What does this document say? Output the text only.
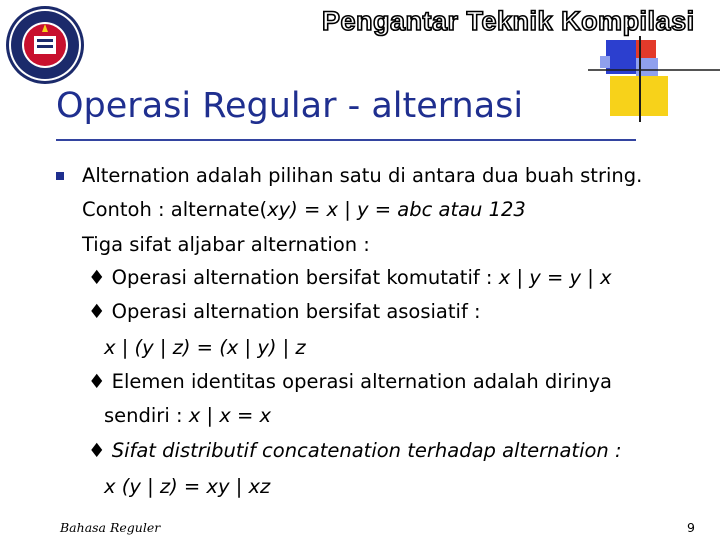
Pengantar Teknik Kompilasi
Operasi Regular - alternasi
Alternation adalah pilihan satu di antara dua buah string.
Contoh : alternate(xy) = x | y = abc atau 123
Tiga sifat aljabar alternation :
♦ Operasi alternation bersifat komutatif : x | y = y | x
♦ Operasi alternation bersifat asosiatif :
x | (y | z) = (x | y) | z
♦ Elemen identitas operasi alternation adalah dirinya
sendiri : x | x = x
♦ Sifat distributif concatenation terhadap alternation :
x (y | z) = xy | xz
Bahasa Reguler	9
